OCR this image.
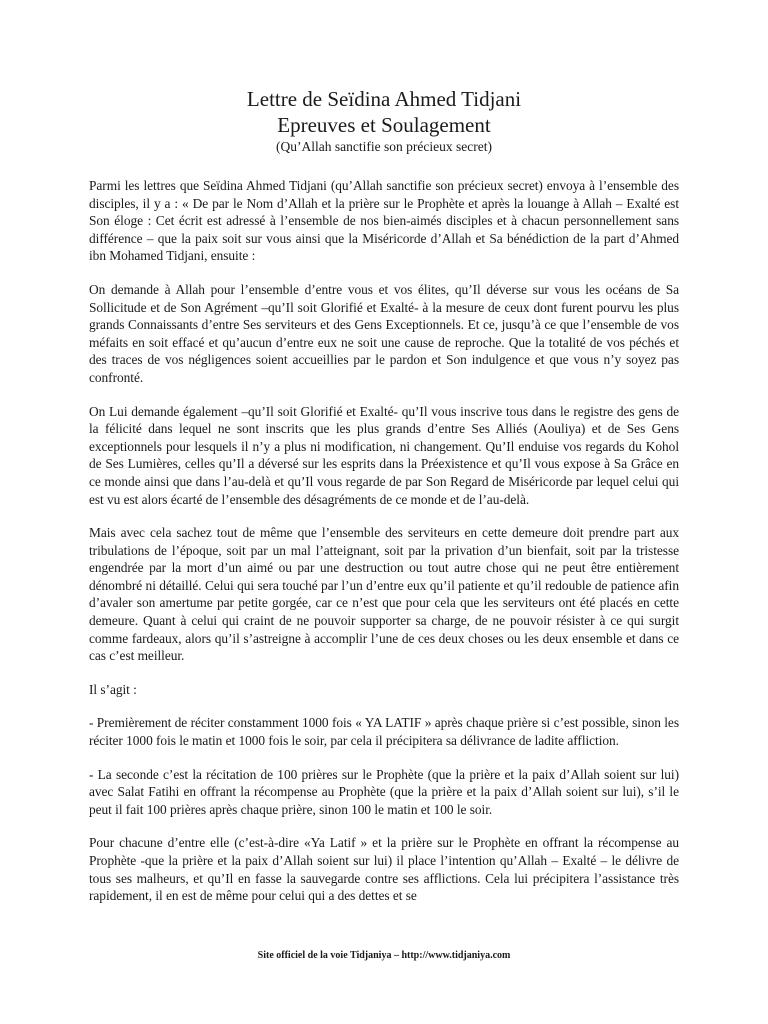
Lettre de Seïdina Ahmed Tidjani
Epreuves et Soulagement

(Qu’Allah sanctifie son précieux secret)

Parmi les lettres que Seïdina Ahmed Tidjani (qu’Allah sanctifie son précieux secret) envoya à l’ensemble des disciples, il y a : « De par le Nom d’Allah et la prière sur le Prophète et après la louange à Allah – Exalté est Son éloge : Cet écrit est adressé à l’ensemble de nos bien-aimés disciples et à chacun personnellement sans différence – que la paix soit sur vous ainsi que la Miséricorde d’Allah et Sa bénédiction de la part d’Ahmed ibn Mohamed Tidjani, ensuite :

On demande à Allah pour l’ensemble d’entre vous et vos élites, qu’Il déverse sur vous les océans de Sa Sollicitude et de Son Agrément –qu’Il soit Glorifié et Exalté- à la mesure de ceux dont furent pourvu les plus grands Connaissants d’entre Ses serviteurs et des Gens Exceptionnels. Et ce, jusqu’à ce que l’ensemble de vos méfaits en soit effacé et qu’aucun d’entre eux ne soit une cause de reproche. Que la totalité de vos péchés et des traces de vos négligences soient accueillies par le pardon et Son indulgence et que vous n’y soyez pas confronté.

On Lui demande également –qu’Il soit Glorifié et Exalté- qu’Il vous inscrive tous dans le registre des gens de la félicité dans lequel ne sont inscrits que les plus grands d’entre Ses Alliés (Aouliya) et de Ses Gens exceptionnels pour lesquels il n’y a plus ni modification, ni changement. Qu’Il enduise vos regards du Kohol de Ses Lumières, celles qu’Il a déversé sur les esprits dans la Préexistence et qu’Il vous expose à Sa Grâce en ce monde ainsi que dans l’au-delà et qu’Il vous regarde de par Son Regard de Miséricorde par lequel celui qui est vu est alors écarté de l’ensemble des désagréments de ce monde et de l’au-delà.

Mais avec cela sachez tout de même que l’ensemble des serviteurs en cette demeure doit prendre part aux tribulations de l’époque, soit par un mal l’atteignant, soit par la privation d’un bienfait, soit par la tristesse engendrée par la mort d’un aimé ou par une destruction ou tout autre chose qui ne peut être entièrement dénombré ni détaillé. Celui qui sera touché par l’un d’entre eux qu’il patiente et qu’il redouble de patience afin d’avaler son amertume par petite gorgée, car ce n’est que pour cela que les serviteurs ont été placés en cette demeure. Quant à celui qui craint de ne pouvoir supporter sa charge, de ne pouvoir résister à ce qui surgit comme fardeaux, alors qu’il s’astreigne à accomplir l’une de ces deux choses ou les deux ensemble et dans ce cas c’est meilleur.

Il s’agit :

- Premièrement de réciter constamment 1000 fois « YA LATIF » après chaque prière si c’est possible, sinon les réciter 1000 fois le matin et 1000 fois le soir, par cela il précipitera sa délivrance de ladite affliction.

- La seconde c’est la récitation de 100 prières sur le Prophète (que la prière et la paix d’Allah soient sur lui) avec Salat Fatihi en offrant la récompense au Prophète (que la prière et la paix d’Allah soient sur lui), s’il le peut il fait 100 prières après chaque prière, sinon 100 le matin et 100 le soir.

Pour chacune d’entre elle (c’est-à-dire «Ya Latif » et la prière sur le Prophète en offrant la récompense au Prophète -que la prière et la paix d’Allah soient sur lui) il place l’intention qu’Allah – Exalté – le délivre de tous ses malheurs, et qu’Il en fasse la sauvegarde contre ses afflictions. Cela lui précipitera l’assistance très rapidement, il en est de même pour celui qui a des dettes et se

Site officiel de la voie Tidjaniya – http://www.tidjaniya.com
